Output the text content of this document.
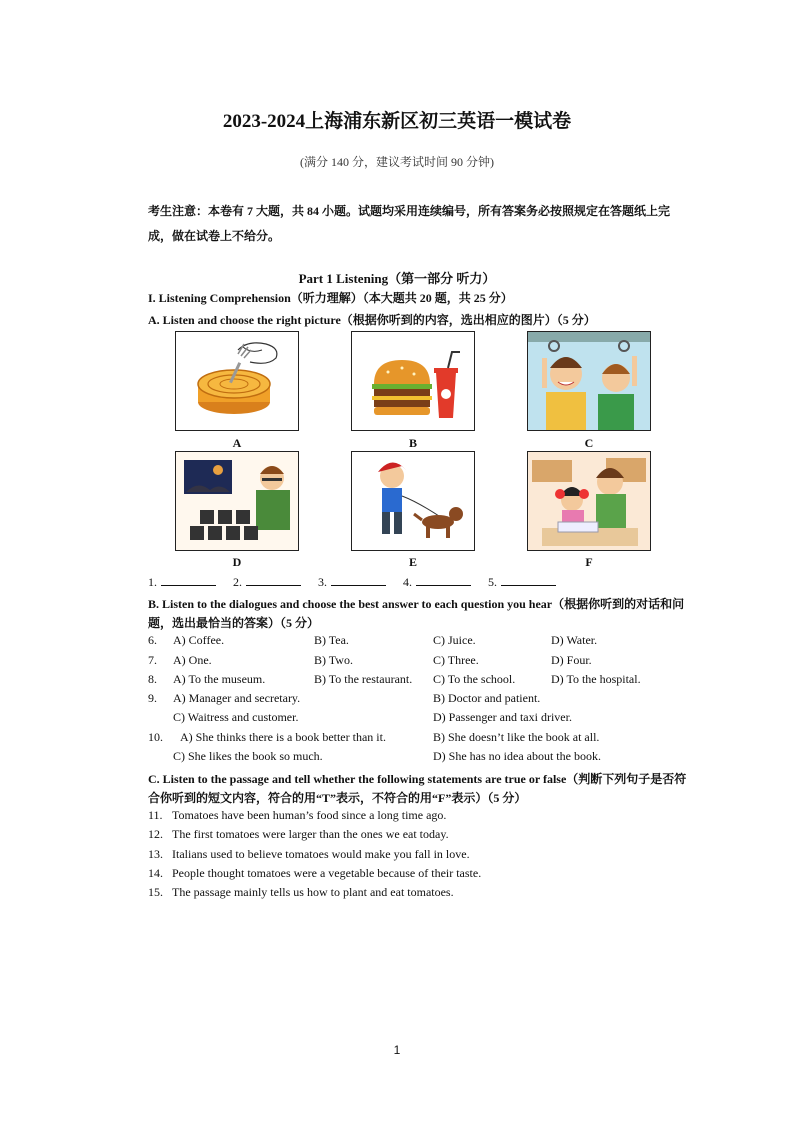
2023-2024上海浦东新区初三英语一模试卷
(满分 140 分，建议考试时间 90 分钟)
考生注意：本卷有 7 大题，共 84 小题。试题均采用连续编号，所有答案务必按照规定在答题纸上完成，做在试卷上不给分。
Part 1 Listening（第一部分 听力）
I. Listening Comprehension（听力理解）（本大题共 20 题，共 25 分）
A. Listen and choose the right picture（根据你听到的内容，选出相应的图片）（5 分）
A	B	C
D	E	F
1.	2.	3.	4.	5.
B. Listen to the dialogues and choose the best answer to each question you hear（根据你听到的对话和问题，选出最恰当的答案）（5 分）
6. A) Coffee.	B) Tea.	C) Juice.	D) Water.
7. A) One.	B) Two.	C) Three.	D) Four.
8. A) To the museum.	B) To the restaurant. C) To the school.	D) To the hospital.
9. A) Manager and secretary.	B) Doctor and patient.
C) Waitress and customer.	D) Passenger and taxi driver.
10. A) She thinks there is a book better than it.	B) She doesn’t like the book at all.
C) She likes the book so much.	D) She has no idea about the book.
C. Listen to the passage and tell whether the following statements are true or false（判断下列句子是否符合你听到的短文内容，符合的用“T”表示，不符合的用“F”表示）（5 分）
11. Tomatoes have been human’s food since a long time ago.
12. The first tomatoes were larger than the ones we eat today.
13. Italians used to believe tomatoes would make you fall in love.
14. People thought tomatoes were a vegetable because of their taste.
15. The passage mainly tells us how to plant and eat tomatoes.
1
